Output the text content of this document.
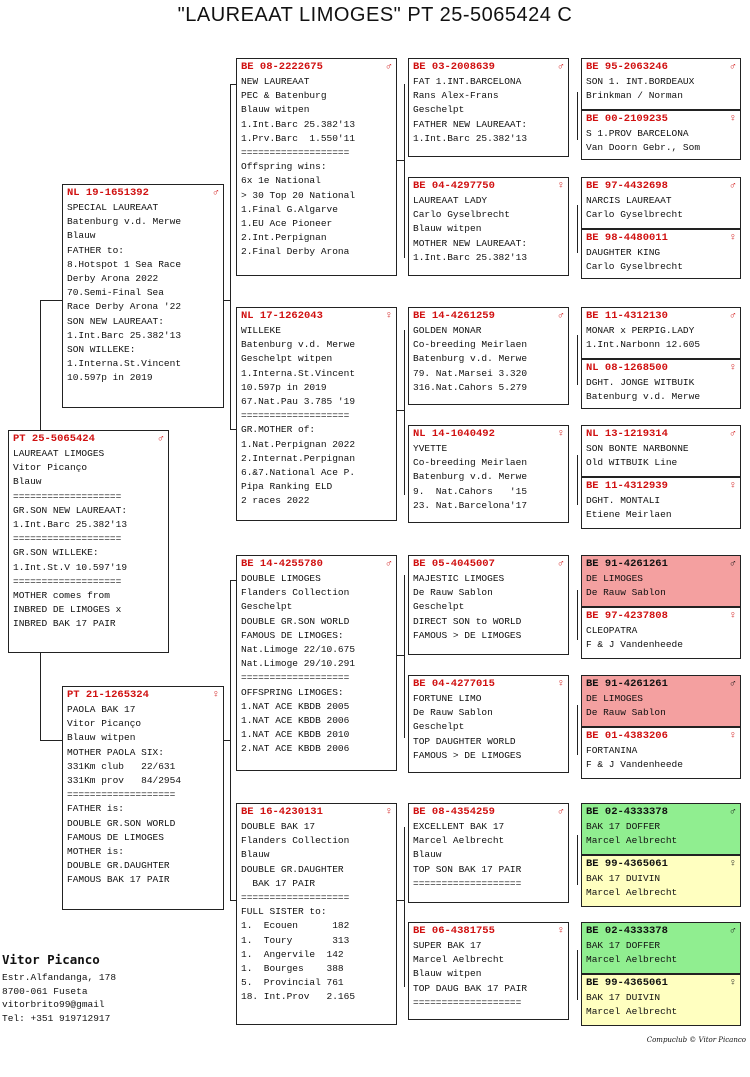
"LAUREAAT LIMOGES" PT 25-5065424 C
PT 25-5065424	♂
LAUREAAT LIMOGES
Vitor Picanço
Blauw
===================
GR.SON NEW LAUREAAT:
1.Int.Barc 25.382'13
===================
GR.SON WILLEKE:
1.Int.St.V 10.597'19
===================
MOTHER comes from
INBRED DE LIMOGES x
INBRED BAK 17 PAIR
NL 19-1651392	♂
SPECIAL LAUREAAT
Batenburg v.d. Merwe
Blauw
FATHER to:
8.Hotspot 1 Sea Race
Derby Arona 2022
70.Semi-Final Sea
Race Derby Arona '22
SON NEW LAUREAAT:
1.Int.Barc 25.382'13
SON WILLEKE:
1.Interna.St.Vincent
10.597p in 2019
PT 21-1265324	♀
PAOLA BAK 17
Vitor Picanço
Blauw witpen
MOTHER PAOLA SIX:
331Km club   22/631
331Km prov   84/2954
===================
FATHER is:
DOUBLE GR.SON WORLD
FAMOUS DE LIMOGES
MOTHER is:
DOUBLE GR.DAUGHTER
FAMOUS BAK 17 PAIR
BE 08-2222675	♂
NEW LAUREAAT
PEC & Batenburg
Blauw witpen
1.Int.Barc 25.382'13
1.Prv.Barc  1.550'11
===================
Offspring wins:
6x 1e National
> 30 Top 20 National
1.Final G.Algarve
1.EU Ace Pioneer
2.Int.Perpignan
2.Final Derby Arona
NL 17-1262043	♀
WILLEKE
Batenburg v.d. Merwe
Geschelpt witpen
1.Interna.St.Vincent
10.597p in 2019
67.Nat.Pau 3.785 '19
===================
GR.MOTHER of:
1.Nat.Perpignan 2022
2.Internat.Perpignan
6.&7.National Ace P.
Pipa Ranking ELD
2 races 2022
BE 14-4255780	♂
DOUBLE LIMOGES
Flanders Collection
Geschelpt
DOUBLE GR.SON WORLD
FAMOUS DE LIMOGES:
Nat.Limoge 22/10.675
Nat.Limoge 29/10.291
===================
OFFSPRING LIMOGES:
1.NAT ACE KBDB 2005
1.NAT ACE KBDB 2006
1.NAT ACE KBDB 2010
2.NAT ACE KBDB 2006
BE 16-4230131	♀
DOUBLE BAK 17
Flanders Collection
Blauw
DOUBLE GR.DAUGHTER
BAK 17 PAIR
===================
FULL SISTER to:
1.  Ecouen      182
1.  Toury       313
1.  Angervile  142
1.  Bourges    388
5.  Provincial 761
18. Int.Prov   2.165
BE 03-2008639	♂
FAT 1.INT.BARCELONA
Rans Alex-Frans
Geschelpt
FATHER NEW LAUREAAT:
1.Int.Barc 25.382'13
BE 04-4297750	♀
LAUREAAT LADY
Carlo Gyselbrecht
Blauw witpen
MOTHER NEW LAUREAAT:
1.Int.Barc 25.382'13
BE 14-4261259	♂
GOLDEN MONAR
Co-breeding Meirlaen
Batenburg v.d. Merwe
79. Nat.Marsei 3.320
316.Nat.Cahors 5.279
NL 14-1040492	♀
YVETTE
Co-breeding Meirlaen
Batenburg v.d. Merwe
9.  Nat.Cahors   '15
23. Nat.Barcelona'17
BE 05-4045007	♂
MAJESTIC LIMOGES
De Rauw Sablon
Geschelpt
DIRECT SON to WORLD
FAMOUS > DE LIMOGES
BE 04-4277015	♀
FORTUNE LIMO
De Rauw Sablon
Geschelpt
TOP DAUGHTER WORLD
FAMOUS > DE LIMOGES
BE 08-4354259	♂
EXCELLENT BAK 17
Marcel Aelbrecht
Blauw
TOP SON BAK 17 PAIR
===================
BE 06-4381755	♀
SUPER BAK 17
Marcel Aelbrecht
Blauw witpen
TOP DAUG BAK 17 PAIR
===================
BE 95-2063246	♂
SON 1. INT.BORDEAUX
Brinkman / Norman
BE 00-2109235	♀
S 1.PROV BARCELONA
Van Doorn Gebr., Som
BE 97-4432698	♂
NARCIS LAUREAAT
Carlo Gyselbrecht
BE 98-4480011	♀
DAUGHTER KING
Carlo Gyselbrecht
BE 11-4312130	♂
MONAR x PERPIG.LADY
1.Int.Narbonn 12.605
NL 08-1268500	♀
DGHT. JONGE WITBUIK
Batenburg v.d. Merwe
NL 13-1219314	♂
SON BONTE NARBONNE
Old WITBUIK Line
BE 11-4312939	♀
DGHT. MONTALI
Etiene Meirlaen
BE 91-4261261	♂
DE LIMOGES
De Rauw Sablon
BE 97-4237808	♀
CLEOPATRA
F & J Vandenheede
BE 91-4261261	♂
DE LIMOGES
De Rauw Sablon
BE 01-4383206	♀
FORTANINA
F & J Vandenheede
BE 02-4333378	♂
BAK 17 DOFFER
Marcel Aelbrecht
BE 99-4365061	♀
BAK 17 DUIVIN
Marcel Aelbrecht
BE 02-4333378	♂
BAK 17 DOFFER
Marcel Aelbrecht
BE 99-4365061	♀
BAK 17 DUIVIN
Marcel Aelbrecht
Vitor Picanco
Estr.Alfandanga, 178
8700-061 Fuseta
vitorbrito99@gmail
Tel: +351 919712917
Compuclub © Vitor Picanco
